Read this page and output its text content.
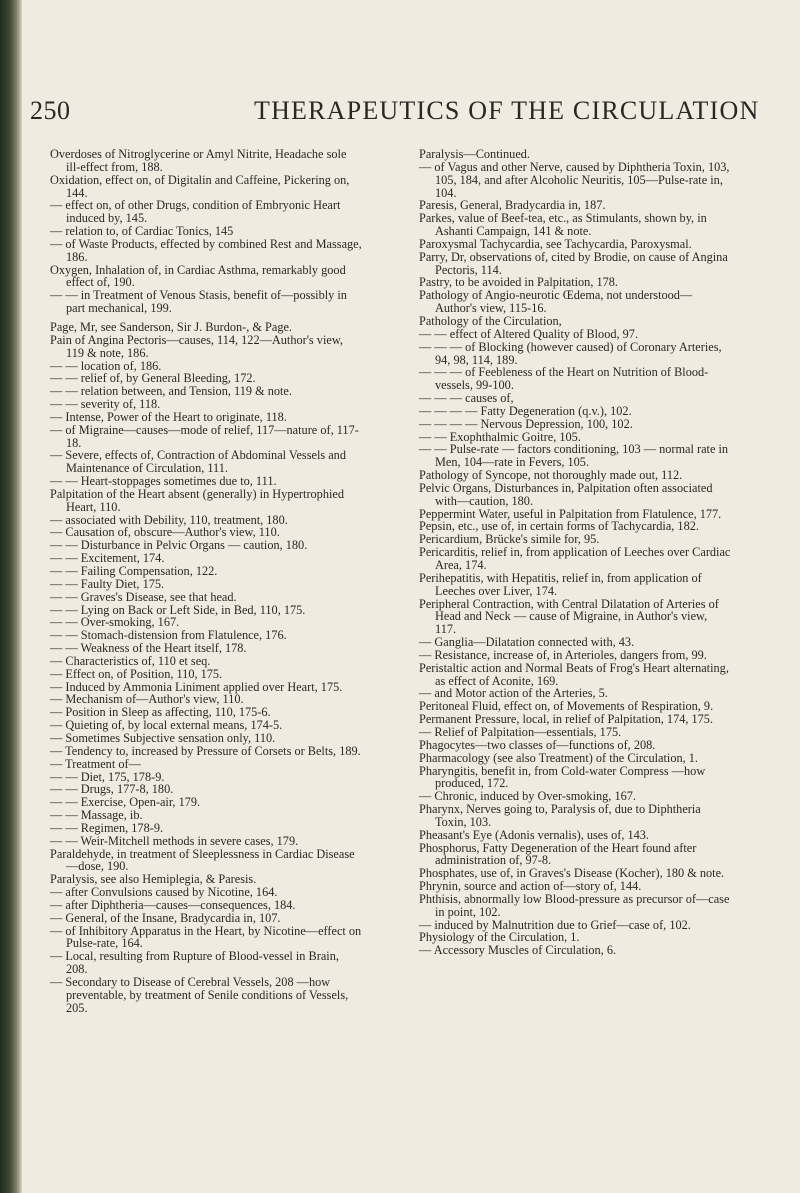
250	THERAPEUTICS OF THE CIRCULATION

Overdoses of Nitroglycerine or Amyl Nitrite, Headache sole ill-effect from, 188.

Oxidation, effect on, of Digitalin and Caffeine, Pickering on, 144.

— effect on, of other Drugs, condition of Embryonic Heart induced by, 145.

— relation to, of Cardiac Tonics, 145

— of Waste Products, effected by combined Rest and Massage, 186.

Oxygen, Inhalation of, in Cardiac Asthma, remarkably good effect of, 190.

— — in Treatment of Venous Stasis, benefit of—possibly in part mechanical, 199.

Page, Mr, see Sanderson, Sir J. Burdon-, & Page.

Pain of Angina Pectoris—causes, 114, 122—Author's view, 119 & note, 186.

— — location of, 186.

— — relief of, by General Bleeding, 172.

— — relation between, and Tension, 119 & note.

— — severity of, 118.

— Intense, Power of the Heart to originate, 118.

— of Migraine—causes—mode of relief, 117—nature of, 117-18.

— Severe, effects of, Contraction of Abdominal Vessels and Maintenance of Circulation, 111.

— — Heart-stoppages sometimes due to, 111.

Palpitation of the Heart absent (generally) in Hypertrophied Heart, 110.

— associated with Debility, 110, treatment, 180.

— Causation of, obscure—Author's view, 110.

— — Disturbance in Pelvic Organs — caution, 180.

— — Excitement, 174.

— — Failing Compensation, 122.

— — Faulty Diet, 175.

— — Graves's Disease, see that head.

— — Lying on Back or Left Side, in Bed, 110, 175.

— — Over-smoking, 167.

— — Stomach-distension from Flatulence, 176.

— — Weakness of the Heart itself, 178.

— Characteristics of, 110 et seq.

— Effect on, of Position, 110, 175.

— Induced by Ammonia Liniment applied over Heart, 175.

— Mechanism of—Author's view, 110.

— Position in Sleep as affecting, 110, 175-6.

— Quieting of, by local external means, 174-5.

— Sometimes Subjective sensation only, 110.

— Tendency to, increased by Pressure of Corsets or Belts, 189.

— Treatment of—

— — Diet, 175, 178-9.

— — Drugs, 177-8, 180.

— — Exercise, Open-air, 179.

— — Massage, ib.

— — Regimen, 178-9.

— — Weir-Mitchell methods in severe cases, 179.

Paraldehyde, in treatment of Sleeplessness in Cardiac Disease—dose, 190.

Paralysis, see also Hemiplegia, & Paresis.

— after Convulsions caused by Nicotine, 164.

— after Diphtheria—causes—consequences, 184.

— General, of the Insane, Bradycardia in, 107.

— of Inhibitory Apparatus in the Heart, by Nicotine—effect on Pulse-rate, 164.

— Local, resulting from Rupture of Blood-vessel in Brain, 208.

— Secondary to Disease of Cerebral Vessels, 208 —how preventable, by treatment of Senile conditions of Vessels, 205.

Paralysis—Continued.

— of Vagus and other Nerve, caused by Diphtheria Toxin, 103, 105, 184, and after Alcoholic Neuritis, 105—Pulse-rate in, 104.

Paresis, General, Bradycardia in, 187.

Parkes, value of Beef-tea, etc., as Stimulants, shown by, in Ashanti Campaign, 141 & note.

Paroxysmal Tachycardia, see Tachycardia, Paroxysmal.

Parry, Dr, observations of, cited by Brodie, on cause of Angina Pectoris, 114.

Pastry, to be avoided in Palpitation, 178.

Pathology of Angio-neurotic Œdema, not understood—Author's view, 115-16.

Pathology of the Circulation,

— — effect of Altered Quality of Blood, 97.

— — — of Blocking (however caused) of Coronary Arteries, 94, 98, 114, 189.

— — — of Feebleness of the Heart on Nutrition of Blood-vessels, 99-100.

— — — causes of,

— — — — Fatty Degeneration (q.v.), 102.

— — — — Nervous Depression, 100, 102.

— — Exophthalmic Goitre, 105.

— — Pulse-rate — factors conditioning, 103 — normal rate in Men, 104—rate in Fevers, 105.

Pathology of Syncope, not thoroughly made out, 112.

Pelvic Organs, Disturbances in, Palpitation often associated with—caution, 180.

Peppermint Water, useful in Palpitation from Flatulence, 177.

Pepsin, etc., use of, in certain forms of Tachycardia, 182.

Pericardium, Brücke's simile for, 95.

Pericarditis, relief in, from application of Leeches over Cardiac Area, 174.

Perihepatitis, with Hepatitis, relief in, from application of Leeches over Liver, 174.

Peripheral Contraction, with Central Dilatation of Arteries of Head and Neck — cause of Migraine, in Author's view, 117.

— Ganglia—Dilatation connected with, 43.

— Resistance, increase of, in Arterioles, dangers from, 99.

Peristaltic action and Normal Beats of Frog's Heart alternating, as effect of Aconite, 169.

— and Motor action of the Arteries, 5.

Peritoneal Fluid, effect on, of Movements of Respiration, 9.

Permanent Pressure, local, in relief of Palpitation, 174, 175.

— Relief of Palpitation—essentials, 175.

Phagocytes—two classes of—functions of, 208.

Pharmacology (see also Treatment) of the Circulation, 1.

Pharyngitis, benefit in, from Cold-water Compress —how produced, 172.

— Chronic, induced by Over-smoking, 167.

Pharynx, Nerves going to, Paralysis of, due to Diphtheria Toxin, 103.

Pheasant's Eye (Adonis vernalis), uses of, 143.

Phosphorus, Fatty Degeneration of the Heart found after administration of, 97-8.

Phosphates, use of, in Graves's Disease (Kocher), 180 & note.

Phrynin, source and action of—story of, 144.

Phthisis, abnormally low Blood-pressure as precursor of—case in point, 102.

— induced by Malnutrition due to Grief—case of, 102.

Physiology of the Circulation, 1.

— Accessory Muscles of Circulation, 6.
